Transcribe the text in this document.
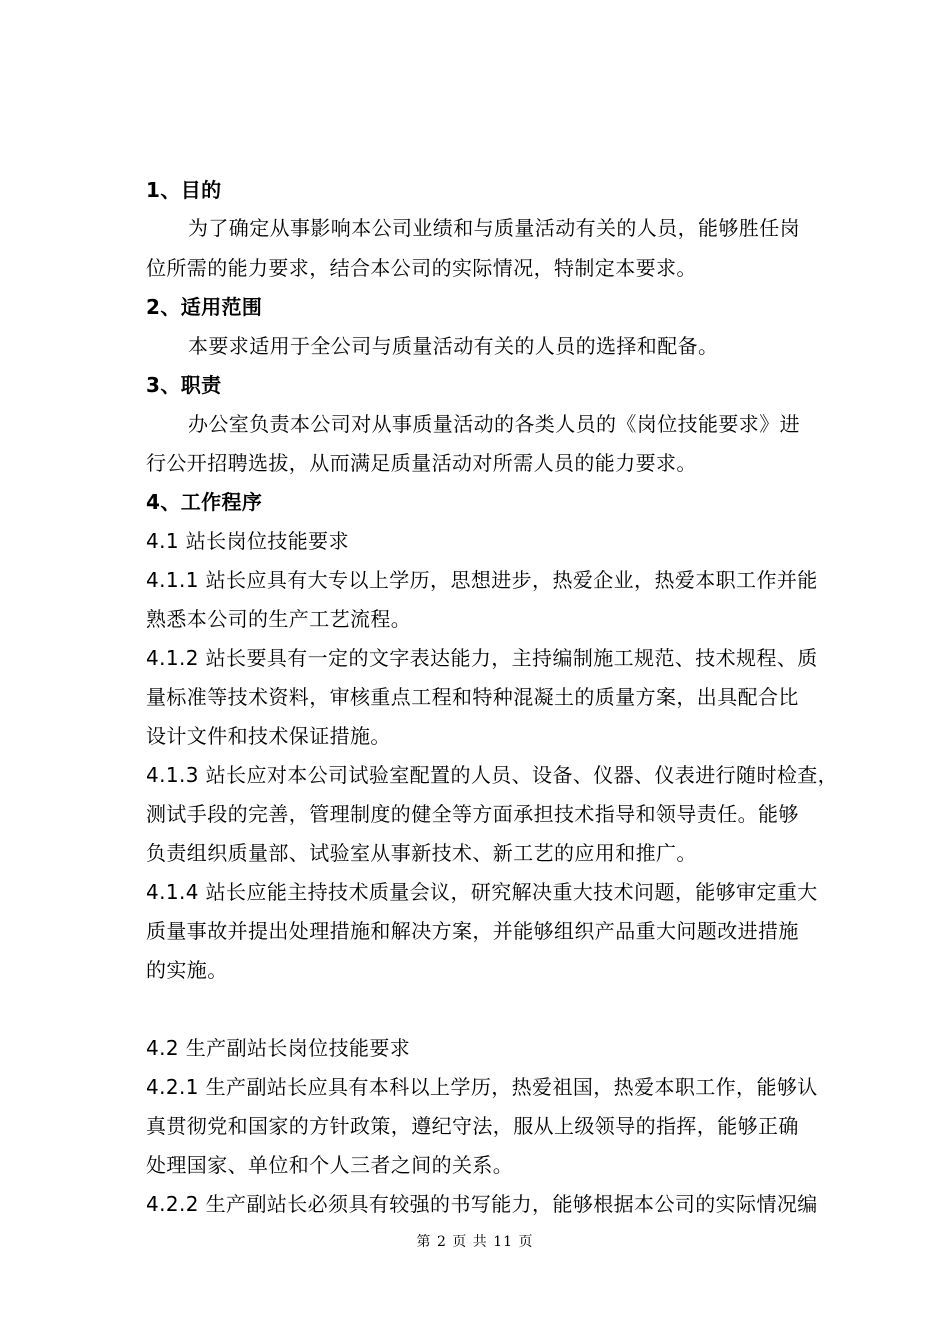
1、目的
为了确定从事影响本公司业绩和与质量活动有关的人员，能够胜任岗
位所需的能力要求，结合本公司的实际情况，特制定本要求。
2、适用范围
本要求适用于全公司与质量活动有关的人员的选择和配备。
3、职责
办公室负责本公司对从事质量活动的各类人员的《岗位技能要求》进
行公开招聘选拔，从而满足质量活动对所需人员的能力要求。
4、工作程序
4.1 站长岗位技能要求
4.1.1 站长应具有大专以上学历，思想进步，热爱企业，热爱本职工作并能
熟悉本公司的生产工艺流程。
4.1.2 站长要具有一定的文字表达能力，主持编制施工规范、技术规程、质
量标准等技术资料，审核重点工程和特种混凝土的质量方案，出具配合比
设计文件和技术保证措施。
4.1.3 站长应对本公司试验室配置的人员、设备、仪器、仪表进行随时检查，
测试手段的完善，管理制度的健全等方面承担技术指导和领导责任。能够
负责组织质量部、试验室从事新技术、新工艺的应用和推广。
4.1.4 站长应能主持技术质量会议，研究解决重大技术问题，能够审定重大
质量事故并提出处理措施和解决方案，并能够组织产品重大问题改进措施
的实施。
4.2 生产副站长岗位技能要求
4.2.1 生产副站长应具有本科以上学历，热爱祖国，热爱本职工作，能够认
真贯彻党和国家的方针政策，遵纪守法，服从上级领导的指挥，能够正确
处理国家、单位和个人三者之间的关系。
4.2.2 生产副站长必须具有较强的书写能力，能够根据本公司的实际情况编
第 2 页 共 11 页
